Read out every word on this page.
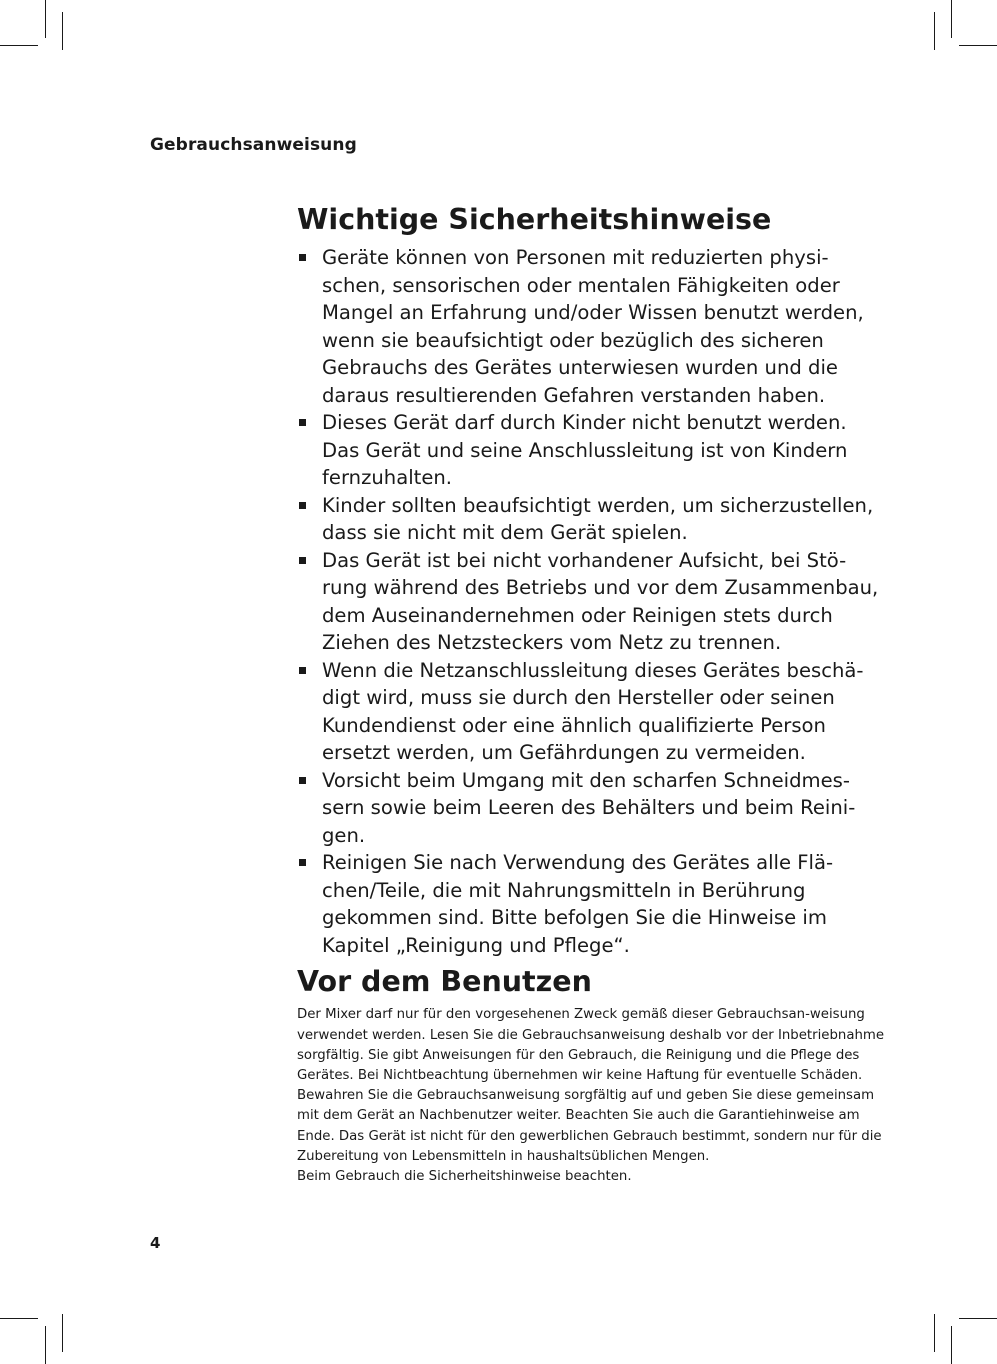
Gebrauchsanweisung
Wichtige Sicherheitshinweise
Geräte können von Personen mit reduzierten physi-schen, sensorischen oder mentalen Fähigkeiten oder Mangel an Erfahrung und/oder Wissen benutzt werden, wenn sie beaufsichtigt oder bezüglich des sicheren Gebrauchs des Gerätes unterwiesen wurden und die daraus resultierenden Gefahren verstanden haben.
Dieses Gerät darf durch Kinder nicht benutzt werden. Das Gerät und seine Anschlussleitung ist von Kindern fernzuhalten.
Kinder sollten beaufsichtigt werden, um sicherzustellen, dass sie nicht mit dem Gerät spielen.
Das Gerät ist bei nicht vorhandener Aufsicht, bei Stö-rung während des Betriebs und vor dem Zusammenbau, dem Auseinandernehmen oder Reinigen stets durch Ziehen des Netzsteckers vom Netz zu trennen.
Wenn die Netzanschlussleitung dieses Gerätes beschä-digt wird, muss sie durch den Hersteller oder seinen Kundendienst oder eine ähnlich qualifizierte Person ersetzt werden, um Gefährdungen zu vermeiden.
Vorsicht beim Umgang mit den scharfen Schneidmes-sern sowie beim Leeren des Behälters und beim Reini-gen.
Reinigen Sie nach Verwendung des Gerätes alle Flä-chen/Teile, die mit Nahrungsmitteln in Berührung gekommen sind. Bitte befolgen Sie die Hinweise im Kapitel „Reinigung und Pflege“.
Vor dem Benutzen

Der Mixer darf nur für den vorgesehenen Zweck gemäß dieser Gebrauchsan-weisung verwendet werden. Lesen Sie die Gebrauchsanweisung deshalb vor der Inbetriebnahme sorgfältig. Sie gibt Anweisungen für den Gebrauch, die Reinigung und die Pflege des Gerätes. Bei Nichtbeachtung übernehmen wir keine Haftung für eventuelle Schäden. Bewahren Sie die Gebrauchsanweisung sorgfältig auf und geben Sie diese gemeinsam mit dem Gerät an Nachbenutzer weiter. Beachten Sie auch die Garantiehinweise am Ende. Das Gerät ist nicht für den gewerblichen Gebrauch bestimmt, sondern nur für die Zubereitung von Lebensmitteln in haushaltsüblichen Mengen.
Beim Gebrauch die Sicherheitshinweise beachten.

4
